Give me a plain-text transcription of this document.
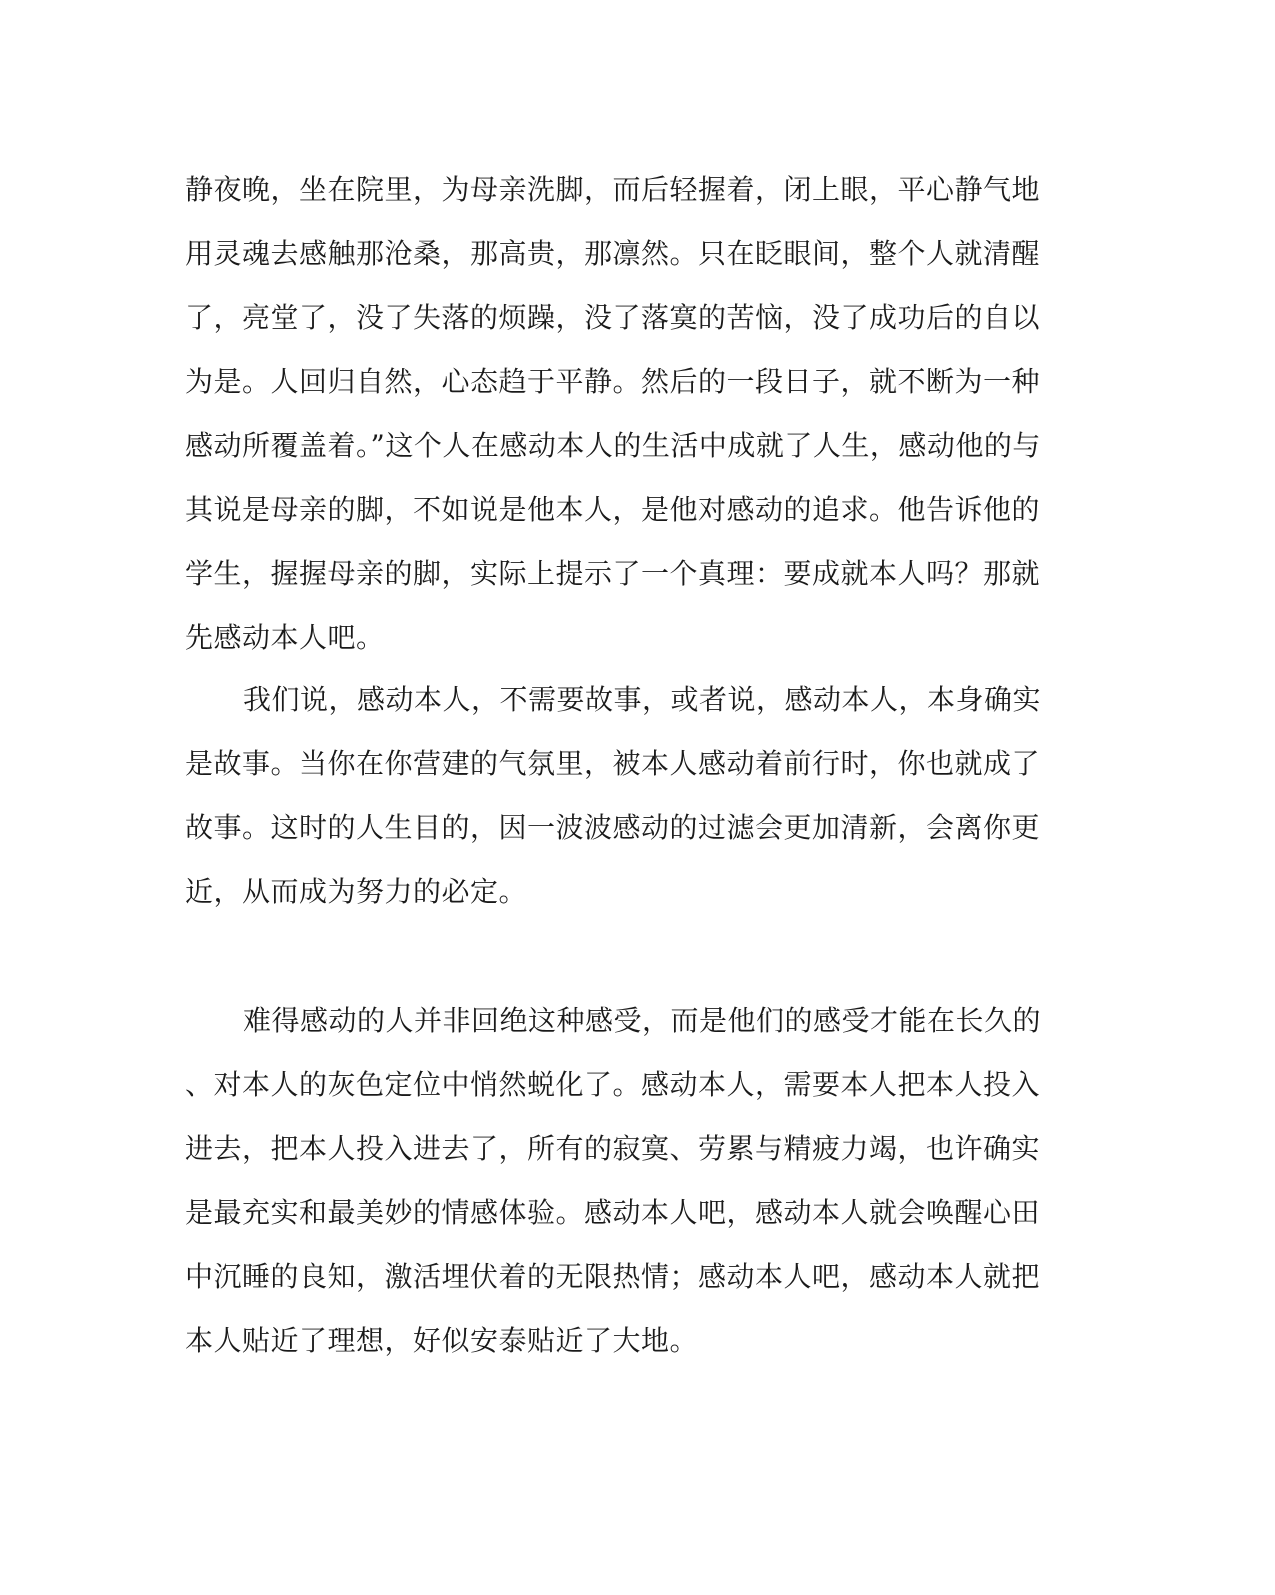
静夜晚，坐在院里，为母亲洗脚，而后轻握着，闭上眼，平心静气地
用灵魂去感触那沧桑，那高贵，那凛然。只在眨眼间，整个人就清醒
了，亮堂了，没了失落的烦躁，没了落寞的苦恼，没了成功后的自以
为是。人回归自然，心态趋于平静。然后的一段日子，就不断为一种
感动所覆盖着。”这个人在感动本人的生活中成就了人生，感动他的与
其说是母亲的脚，不如说是他本人，是他对感动的追求。他告诉他的
学生，握握母亲的脚，实际上提示了一个真理：要成就本人吗？那就
先感动本人吧。
我们说，感动本人，不需要故事，或者说，感动本人，本身确实
是故事。当你在你营建的气氛里，被本人感动着前行时，你也就成了
故事。这时的人生目的，因一波波感动的过滤会更加清新，会离你更
近，从而成为努力的必定。
难得感动的人并非回绝这种感受，而是他们的感受才能在长久的
、对本人的灰色定位中悄然蜕化了。感动本人，需要本人把本人投入
进去，把本人投入进去了，所有的寂寞、劳累与精疲力竭，也许确实
是最充实和最美妙的情感体验。感动本人吧，感动本人就会唤醒心田
中沉睡的良知，激活埋伏着的无限热情；感动本人吧，感动本人就把
本人贴近了理想，好似安泰贴近了大地。
